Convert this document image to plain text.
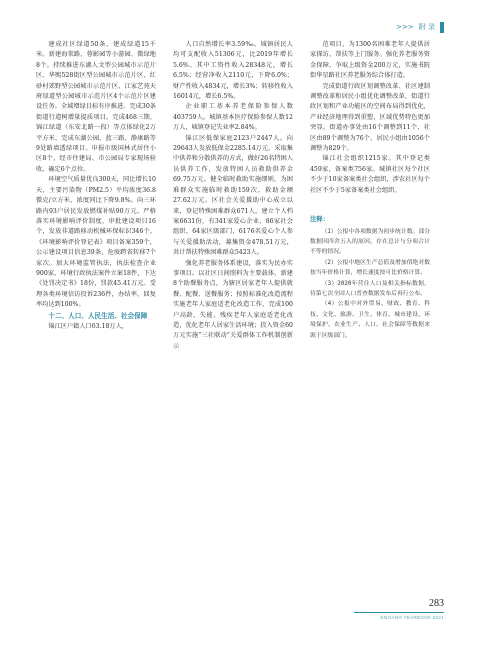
>>> 附 录

建成社区绿道50条，建成绿道15千米。新建海棠路、蓉影园等小游园、微绿地8个。持续推进东湖人文型公园城市示范片区、华熙528街区型公园城市示范片区、红砂村郊野型公园城市示范片区、江家艺苑天府绿道型公园城市示范片区4个示范片区建设任务。全域增绿目标有序推进。完成30条街道行道树增量提质项目。完成468三期、锦江绿道（东安北路一段）等点体绿化2万平方米，完成东湖公园、蓝三路、静康路等9处路墙透绿项目。申报市级国林式居住小区8个，经市住建局、市公园局专家现场验收，确定6个点位。

环境空气质量优良300天，同比增长10天，主要污染物（PM2.5）平均浓度36.8微克/立方米，浓度同比下降9.8%。向三环路内93户居民发放燃煤补贴90万元。严格落实环境影响评价制度，审批建设项目16个，发放非道路移动机械环保标识346个。《环境影响评价登记表》项目备案359个，公示建设项目信息39条，危废跨省转移7个家次。加大环境监管执法，执法检查企业900家，环境行政执法案件立案18件，下达《处罚决定书》18份，罚款45.41万元。受理各类环境信访投诉236件，办结率、回复率均达到100%。

十二、人口、人民生活、社会保障

锦江区户籍人口63.18万人，

人口自然增长率3.59‰。城镇居民人均可支配收入51306元，比2019年增长5.6%。其中工资性收入28348元，增长6.5%；经营净收入2110元，下降6.0%；财产性收入4834元，增长3%；转移性收入16014元，增长6.5%。

企业职工基本养老保险参保人数403759人。城镇基本医疗保险参保人数12万人，城镇登记失业率2.84%。

锦江区低保家庭2123户2447人。向29643人发放低保金2285.14万元。采取集中供养和分散供养的方式，做好26名特困人员供养工作，发放特困人员救助供养金69.75万元。健全临时救助实施细则，为困难群众实施临时救助159次，救助金额27.62万元。区社会关爱援助中心成立以来，登记特殊困难群众671人，建立个人档案6631份，有341家爱心企业、86家社会组织、64家区级部门、6176名爱心个人参与关爱援助活动，募集资金478.51万元，共计帮扶特殊困难群众5423人。

强化养老服务体系建设，落实为民办实事项目。以社区日间照料为主要载体，新建8个助餐服务点，为辖区居家老年人提供就餐、配餐、送餐服务；按照标准化改造流程实施老年人家庭适老化改造工作，完成100户高龄、失能、残疾老年人家庭适老化改造，优化老年人居家生活环境；投入资金60万元实施“三社联动”关爱群体工作机制创新示

范项目，为1300名困难老年人提供居家探访、帮扶等上门服务。强化养老服务资金保障，争取上级资金200万元，实施书院街华星路社区养老服务综合体打造。

完成街道行政区划调整改革、社区建制调整改革和居民小组优化调整改革，街道行政区划和产业功能区的空间布局得到优化，产业经济地理得到重塑，区域优势特色更加突显。街道办事处由16个调整到11个，社区由89个调整为76个，居民小组由1056个调整为829个。

锦江社会组织1215家。其中登记类459家，备案类756家。城镇社区每个社区不少于10家备案类社会组织，涉农社区每个社区不少于5家备案类社会组织。

注释：

（1）公报中各项数据为初步统计数。部分数据因四舍五入的原因，存在总计与分项合计不等的情况。

（2）公报中地区生产总值及增加值绝对数按当年价格计算，增长速度按可比价格计算。

（3）2020年营住人口及相关指标数据，待第七次全国人口普查数据发布后再行公布。

（4）公报中对外贸易、财政、教育、科技、文化、旅游、卫生、体育、城市建设、环境保护、农业生产、人口、社会保障等数据来源于区级部门。

283
JINJIANG YEARBOOK 2021
